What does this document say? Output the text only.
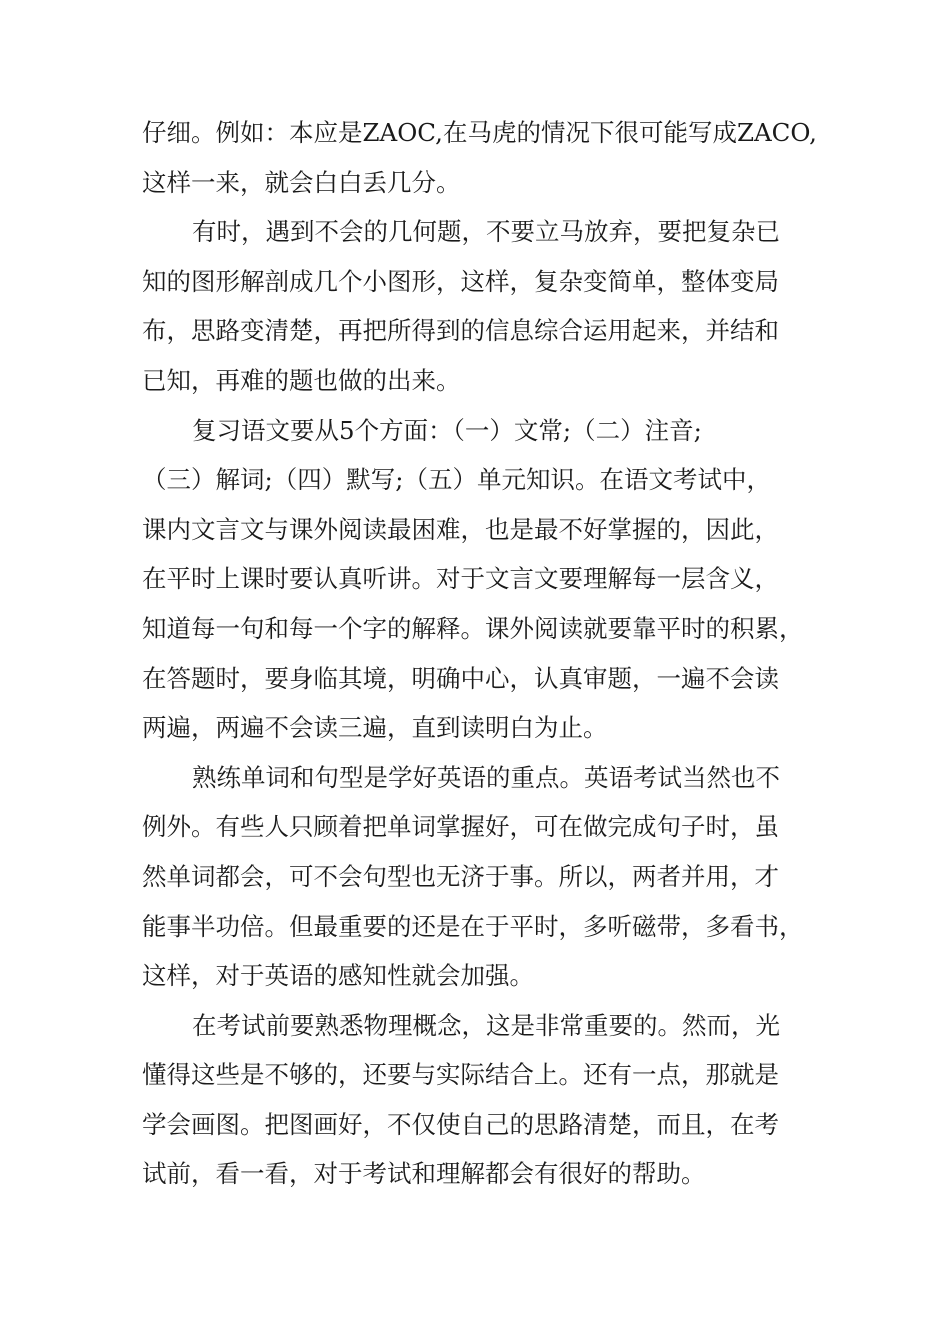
仔细。例如：本应是ZAOC,在马虎的情况下很可能写成ZACO,
这样一来，就会白白丢几分。
有时，遇到不会的几何题，不要立马放弃，要把复杂已
知的图形解剖成几个小图形，这样，复杂变简单，整体变局
布，思路变清楚，再把所得到的信息综合运用起来，并结和
已知，再难的题也做的出来。
复习语文要从5个方面：（一）文常;（二）注音;
（三）解词;（四）默写;（五）单元知识。在语文考试中，
课内文言文与课外阅读最困难，也是最不好掌握的，因此，
在平时上课时要认真听讲。对于文言文要理解每一层含义，
知道每一句和每一个字的解释。课外阅读就要靠平时的积累，
在答题时，要身临其境，明确中心，认真审题，一遍不会读
两遍，两遍不会读三遍，直到读明白为止。
熟练单词和句型是学好英语的重点。英语考试当然也不
例外。有些人只顾着把单词掌握好，可在做完成句子时，虽
然单词都会，可不会句型也无济于事。所以，两者并用，才
能事半功倍。但最重要的还是在于平时，多听磁带，多看书，
这样，对于英语的感知性就会加强。
在考试前要熟悉物理概念，这是非常重要的。然而，光
懂得这些是不够的，还要与实际结合上。还有一点，那就是
学会画图。把图画好，不仅使自己的思路清楚，而且，在考
试前，看一看，对于考试和理解都会有很好的帮助。
